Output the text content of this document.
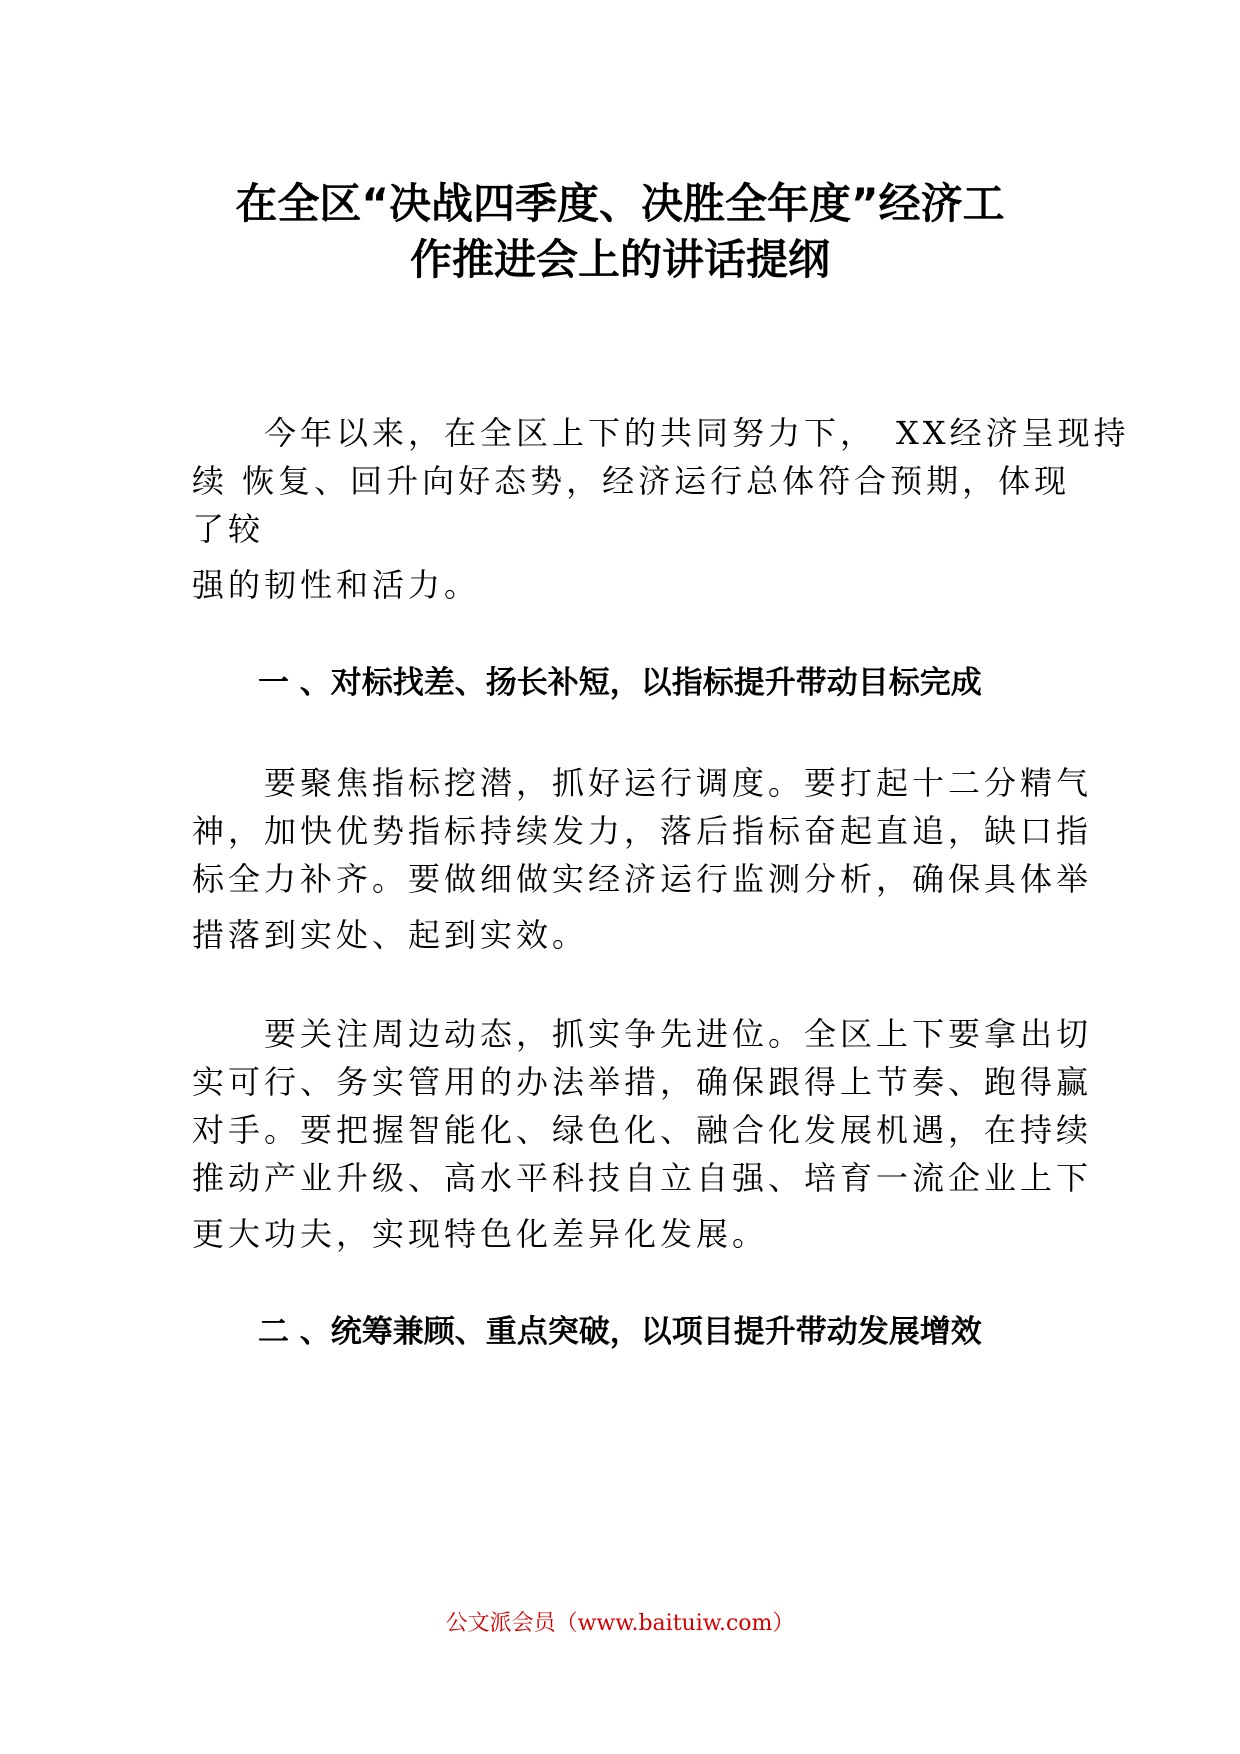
在全区“决战四季度、决胜全年度”经济工
作推进会上的讲话提纲
　　今年以来，在全区上下的共同努力下，　XX经济呈现持
续 恢复、回升向好态势，经济运行总体符合预期，体现
了较
强的韧性和活力。
一 、对标找差、扬长补短，以指标提升带动目标完成
　　要聚焦指标挖潜，抓好运行调度。要打起十二分精气
神，加快优势指标持续发力，落后指标奋起直追，缺口指
标全力补齐。要做细做实经济运行监测分析，确保具体举
措落到实处、起到实效。
　　要关注周边动态，抓实争先进位。全区上下要拿出切
实可行、务实管用的办法举措，确保跟得上节奏、跑得赢
对手。要把握智能化、绿色化、融合化发展机遇，在持续
推动产业升级、高水平科技自立自强、培育一流企业上下
更大功夫，实现特色化差异化发展。
二 、统筹兼顾、重点突破，以项目提升带动发展增效
公文派会员（www.baituiw.com）
